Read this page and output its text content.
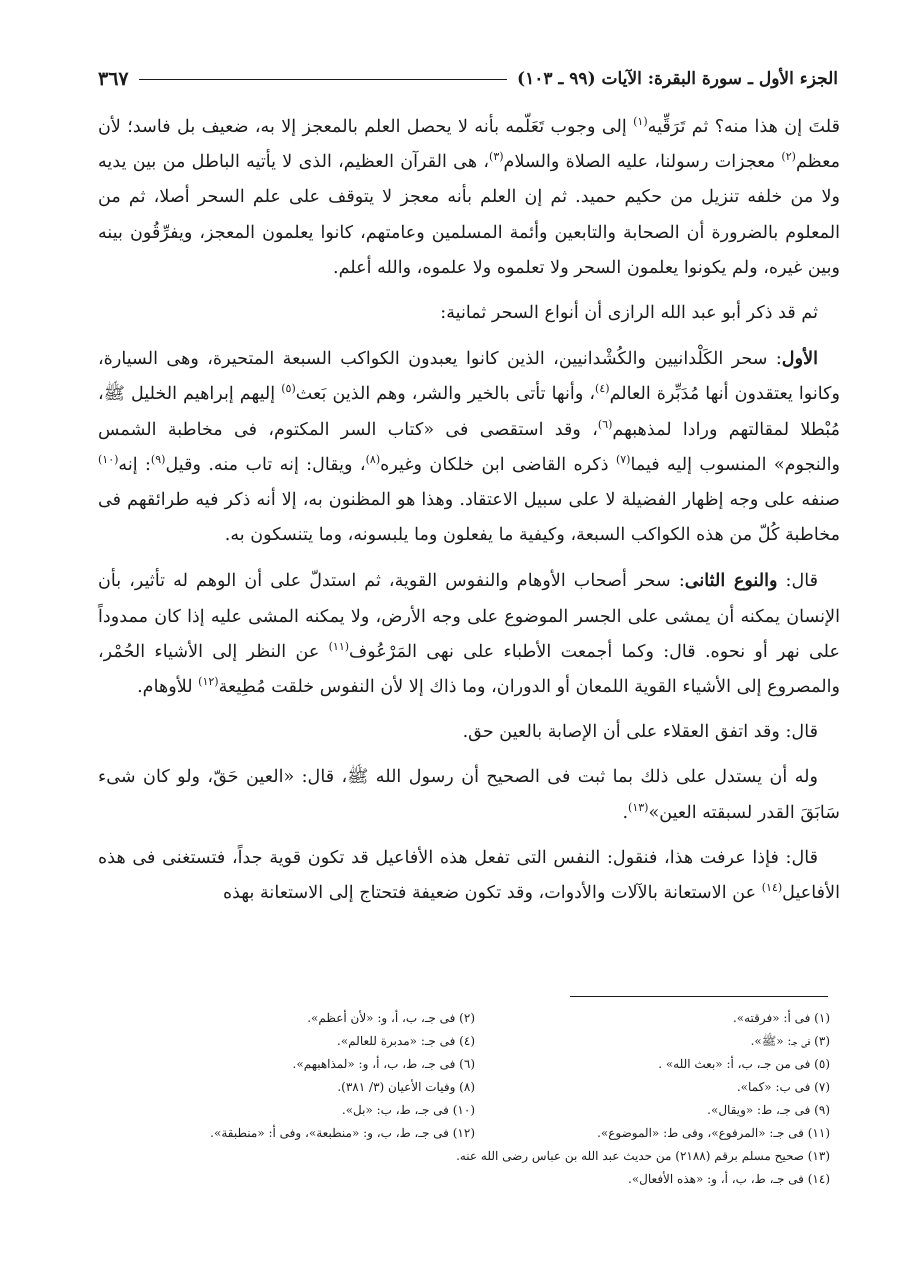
الجزء الأول ـ سورة البقرة: الآيات (٩٩ ـ ١٠٣)
٣٦٧

قلتَ إن هذا منه؟ ثم تَرَقِّيه$^{(١)}$ إلى وجوب تَعَلّمه بأنه لا يحصل العلم بالمعجز إلا به، ضعيف بل فاسد؛ لأن معظم$^{(٢)}$ معجزات رسولنا، عليه الصلاة والسلام$^{(٣)}$، هى القرآن العظيم، الذى لا يأتيه الباطل من بين يديه ولا من خلفه تنزيل من حكيم حميد. ثم إن العلم بأنه معجز لا يتوقف على علم السحر أصلا، ثم من المعلوم بالضرورة أن الصحابة والتابعين وأئمة المسلمين وعامتهم، كانوا يعلمون المعجز، ويفرِّقُون بينه وبين غيره، ولم يكونوا يعلمون السحر ولا تعلموه ولا علموه، والله أعلم.

ثم قد ذكر أبو عبد الله الرازى أن أنواع السحر ثمانية:

الأول: سحر الكَلْدانيين والكُشْدانيين، الذين كانوا يعبدون الكواكب السبعة المتحيرة، وهى السيارة، وكانوا يعتقدون أنها مُدَبِّرة العالم$^{(٤)}$، وأنها تأتى بالخير والشر، وهم الذين بَعث$^{(٥)}$ إليهم إبراهيم الخليل ﷺ، مُبْطلا لمقالتهم ورادا لمذهبهم$^{(٦)}$، وقد استقصى فى «كتاب السر المكتوم، فى مخاطبة الشمس والنجوم» المنسوب إليه فيما$^{(٧)}$ ذكره القاضى ابن خلكان وغيره$^{(٨)}$، ويقال: إنه تاب منه. وقيل$^{(٩)}$: إنه$^{(١٠)}$ صنفه على وجه إظهار الفضيلة لا على سبيل الاعتقاد. وهذا هو المظنون به، إلا أنه ذكر فيه طرائقهم فى مخاطبة كُلّ من هذه الكواكب السبعة، وكيفية ما يفعلون وما يلبسونه، وما يتنسكون به.

قال: والنوع الثانى: سحر أصحاب الأوهام والنفوس القوية، ثم استدلّ على أن الوهم له تأثير، بأن الإنسان يمكنه أن يمشى على الجسر الموضوع على وجه الأرض، ولا يمكنه المشى عليه إذا كان ممدوداً على نهر أو نحوه. قال: وكما أجمعت الأطباء على نهى المَرْعُوف$^{(١١)}$ عن النظر إلى الأشياء الحُمْر، والمصروع إلى الأشياء القوية اللمعان أو الدوران، وما ذاك إلا لأن النفوس خلقت مُطِيعة$^{(١٢)}$ للأوهام.

قال: وقد اتفق العقلاء على أن الإصابة بالعين حق.

وله أن يستدل على ذلك بما ثبت فى الصحيح أن رسول الله ﷺ، قال: «العين حَقّ، ولو كان شىء سَابَقَ القدر لسبقته العين»$^{(١٣)}$.

قال: فإذا عرفت هذا، فنقول: النفس التى تفعل هذه الأفاعيل قد تكون قوية جداً، فتستغنى فى هذه الأفاعيل$^{(١٤)}$ عن الاستعانة بالآلات والأدوات، وقد تكون ضعيفة فتحتاج إلى الاستعانة بهذه

(١) فى أ: «فرقته».
(٢) فى جـ، ب، أ، و: «لأن أعظم».
(٣) فى جـ: «ﷺ».
(٤) فى جـ: «مدبرة للعالم».
(٥) فى من جـ، ب، أ: «بعث الله» .
(٦) فى جـ، ط، ب، أ، و: «لمذاهبهم».
(٧) فى ب: «كما».
(٨) وفيات الأعيان (٣/ ٣٨١).
(٩) فى جـ، ط: «ويقال».
(١٠) فى جـ، ط، ب: «بل».
(١١) فى جـ: «المرفوع»، وفى ط: «الموضوع».
(١٢) فى جـ، ط، ب، و: «منطبعة»، وفى أ: «منطبقة».
(١٣) صحيح مسلم برقم (٢١٨٨) من حديث عبد الله بن عباس رضى الله عنه.
(١٤) فى جـ، ط، ب، أ، و: «هذه الأفعال».
